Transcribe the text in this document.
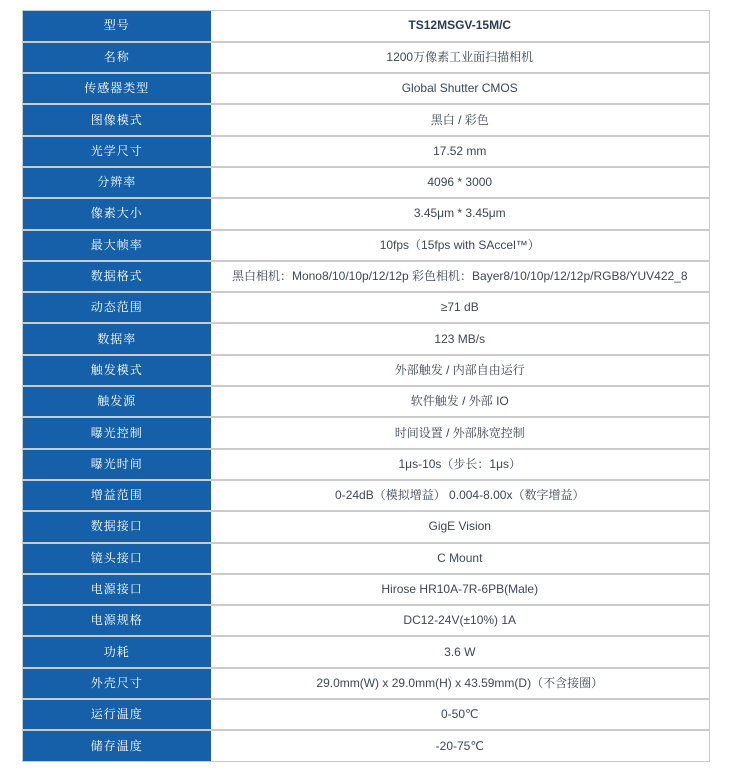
型号	TS12MSGV-15M/C
名称	1200万像素工业面扫描相机
传感器类型	Global Shutter CMOS
图像模式	黑白 / 彩色
光学尺寸	17.52 mm
分辨率	4096 * 3000
像素大小	3.45μm * 3.45μm
最大帧率	10fps（15fps with SAccel™）
数据格式	黑白相机：Mono8/10/10p/12/12p 彩色相机：Bayer8/10/10p/12/12p/RGB8/YUV422_8
动态范围	≥71 dB
数据率	123 MB/s
触发模式	外部触发 / 内部自由运行
触发源	软件触发 / 外部 IO
曝光控制	时间设置 / 外部脉宽控制
曝光时间	1μs-10s（步长：1μs）
增益范围	0-24dB（模拟增益） 0.004-8.00x（数字增益）
数据接口	GigE Vision
镜头接口	C Mount
电源接口	Hirose HR10A-7R-6PB(Male)
电源规格	DC12-24V(±10%) 1A
功耗	3.6 W
外壳尺寸	29.0mm(W) x 29.0mm(H) x 43.59mm(D)（不含接圈）
运行温度	0-50℃
储存温度	-20-75℃
